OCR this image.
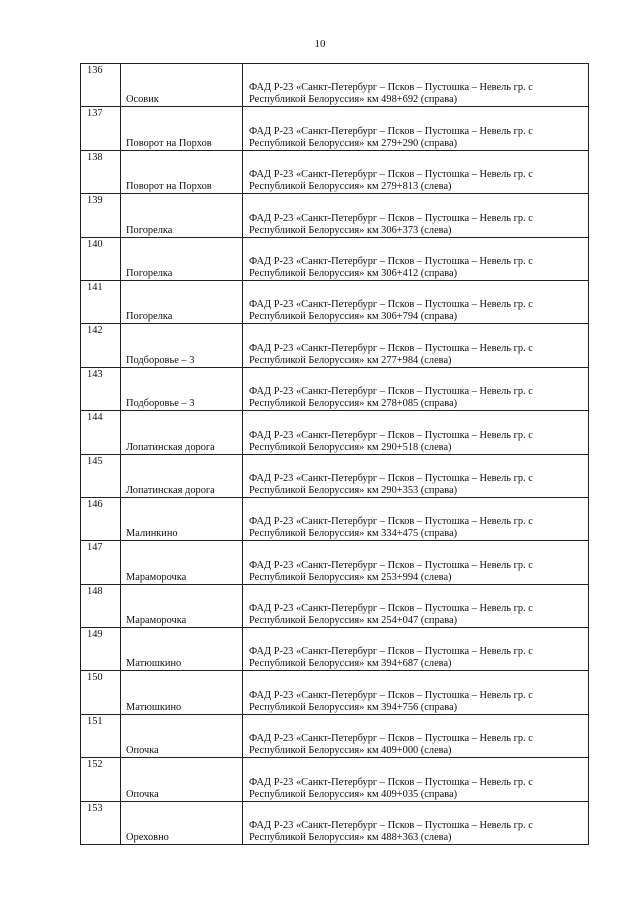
10
136	Осовик	ФАД Р-23 «Санкт-Петербург – Псков – Пустошка – Невель гр. с
Республикой Белоруссия» км 498+692 (справа)

137	Поворот на Порхов	ФАД Р-23 «Санкт-Петербург – Псков – Пустошка – Невель гр. с
Республикой Белоруссия» км 279+290 (справа)

138	Поворот на Порхов	ФАД Р-23 «Санкт-Петербург – Псков – Пустошка – Невель гр. с
Республикой Белоруссия» км 279+813 (слева)

139	Погорелка	ФАД Р-23 «Санкт-Петербург – Псков – Пустошка – Невель гр. с
Республикой Белоруссия» км 306+373 (слева)

140	Погорелка	ФАД Р-23 «Санкт-Петербург – Псков – Пустошка – Невель гр. с
Республикой Белоруссия» км 306+412 (справа)

141	Погорелка	ФАД Р-23 «Санкт-Петербург – Псков – Пустошка – Невель гр. с
Республикой Белоруссия» км 306+794 (справа)

142	Подборовье – 3	ФАД Р-23 «Санкт-Петербург – Псков – Пустошка – Невель гр. с
Республикой Белоруссия» км 277+984 (слева)

143	Подборовье – 3	ФАД Р-23 «Санкт-Петербург – Псков – Пустошка – Невель гр. с
Республикой Белоруссия» км 278+085 (справа)

144	Лопатинская дорога	ФАД Р-23 «Санкт-Петербург – Псков – Пустошка – Невель гр. с
Республикой Белоруссия» км 290+518 (слева)

145	Лопатинская дорога	ФАД Р-23 «Санкт-Петербург – Псков – Пустошка – Невель гр. с
Республикой Белоруссия» км 290+353 (справа)

146	Малинкино	ФАД Р-23 «Санкт-Петербург – Псков – Пустошка – Невель гр. с
Республикой Белоруссия» км 334+475 (справа)

147	Марамoрочка	ФАД Р-23 «Санкт-Петербург – Псков – Пустошка – Невель гр. с
Республикой Белоруссия» км 253+994 (слева)

148	Марамoрочка	ФАД Р-23 «Санкт-Петербург – Псков – Пустошка – Невель гр. с
Республикой Белоруссия» км 254+047 (справа)

149	Матюшкино	ФАД Р-23 «Санкт-Петербург – Псков – Пустошка – Невель гр. с
Республикой Белоруссия» км 394+687 (слева)

150	Матюшкино	ФАД Р-23 «Санкт-Петербург – Псков – Пустошка – Невель гр. с
Республикой Белоруссия» км 394+756 (справа)

151	Опочка	ФАД Р-23 «Санкт-Петербург – Псков – Пустошка – Невель гр. с
Республикой Белоруссия» км 409+000 (слева)

152	Опочка	ФАД Р-23 «Санкт-Петербург – Псков – Пустошка – Невель гр. с
Республикой Белоруссия» км 409+035 (справа)

153	Ореховно	ФАД Р-23 «Санкт-Петербург – Псков – Пустошка – Невель гр. с
Республикой Белоруссия» км 488+363 (слева)
